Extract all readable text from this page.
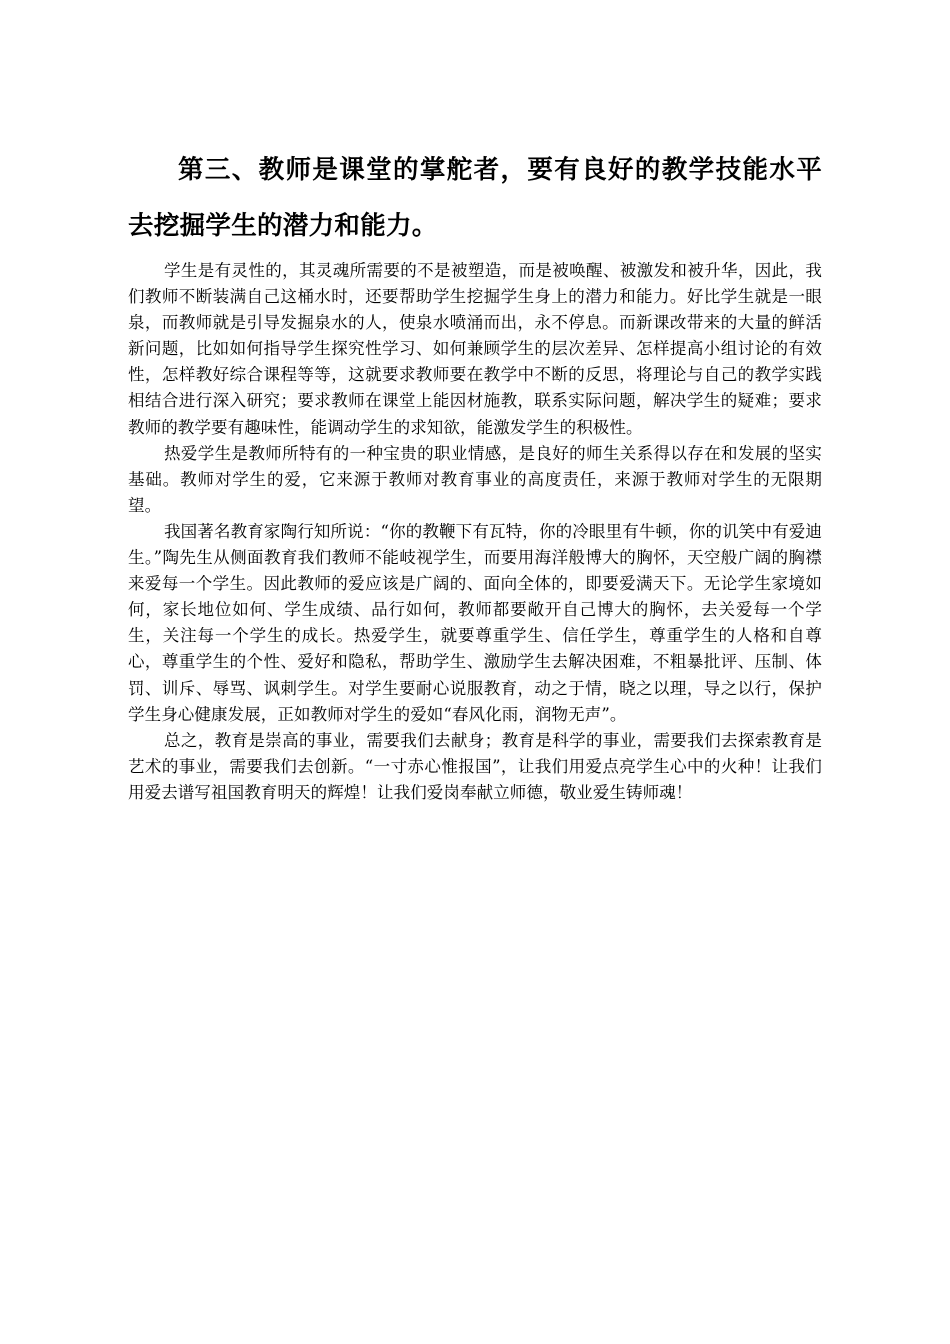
第三、教师是课堂的掌舵者，要有良好的教学技能水平去挖掘学生的潜力和能力。

学生是有灵性的，其灵魂所需要的不是被塑造，而是被唤醒、被激发和被升华，因此，我们教师不断装满自己这桶水时，还要帮助学生挖掘学生身上的潜力和能力。好比学生就是一眼泉，而教师就是引导发掘泉水的人，使泉水喷涌而出，永不停息。而新课改带来的大量的鲜活新问题，比如如何指导学生探究性学习、如何兼顾学生的层次差异、怎样提高小组讨论的有效性，怎样教好综合课程等等，这就要求教师要在教学中不断的反思，将理论与自己的教学实践相结合进行深入研究；要求教师在课堂上能因材施教，联系实际问题，解决学生的疑难；要求教师的教学要有趣味性，能调动学生的求知欲，能激发学生的积极性。

热爱学生是教师所特有的一种宝贵的职业情感，是良好的师生关系得以存在和发展的坚实基础。教师对学生的爱，它来源于教师对教育事业的高度责任，来源于教师对学生的无限期望。

我国著名教育家陶行知所说：“你的教鞭下有瓦特，你的冷眼里有牛顿，你的讥笑中有爱迪生。”陶先生从侧面教育我们教师不能岐视学生，而要用海洋般博大的胸怀，天空般广阔的胸襟来爱每一个学生。因此教师的爱应该是广阔的、面向全体的，即要爱满天下。无论学生家境如何，家长地位如何、学生成绩、品行如何，教师都要敞开自己博大的胸怀，去关爱每一个学生，关注每一个学生的成长。热爱学生，就要尊重学生、信任学生，尊重学生的人格和自尊心，尊重学生的个性、爱好和隐私，帮助学生、激励学生去解决困难，不粗暴批评、压制、体罚、训斥、辱骂、讽刺学生。对学生要耐心说服教育，动之于情，晓之以理，导之以行，保护学生身心健康发展，正如教师对学生的爱如“春风化雨，润物无声”。

总之，教育是崇高的事业，需要我们去献身；教育是科学的事业，需要我们去探索教育是艺术的事业，需要我们去创新。“一寸赤心惟报国”，让我们用爱点亮学生心中的火种！让我们用爱去谱写祖国教育明天的辉煌！让我们爱岗奉献立师德，敬业爱生铸师魂！
